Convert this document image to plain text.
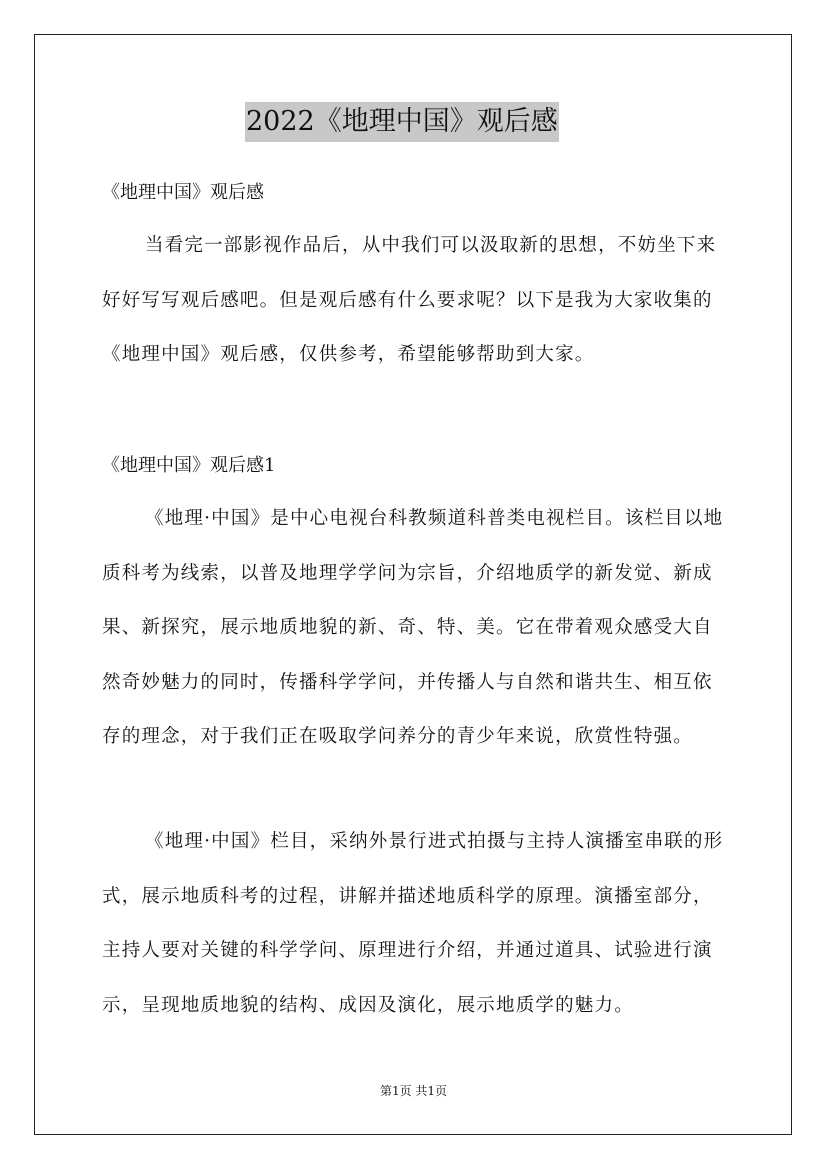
2022《地理中国》观后感
《地理中国》观后感

当看完一部影视作品后，从中我们可以汲取新的思想，不妨坐下来好好写写观后感吧。但是观后感有什么要求呢？以下是我为大家收集的《地理中国》观后感，仅供参考，希望能够帮助到大家。

《地理中国》观后感1

《地理·中国》是中心电视台科教频道科普类电视栏目。该栏目以地质科考为线索，以普及地理学学问为宗旨，介绍地质学的新发觉、新成果、新探究，展示地质地貌的新、奇、特、美。它在带着观众感受大自然奇妙魅力的同时，传播科学学问，并传播人与自然和谐共生、相互依存的理念，对于我们正在吸取学问养分的青少年来说，欣赏性特强。

《地理·中国》栏目，采纳外景行进式拍摄与主持人演播室串联的形式，展示地质科考的过程，讲解并描述地质科学的原理。演播室部分，主持人要对关键的科学学问、原理进行介绍，并通过道具、试验进行演示，呈现地质地貌的结构、成因及演化，展示地质学的魅力。

第1页 共1页
